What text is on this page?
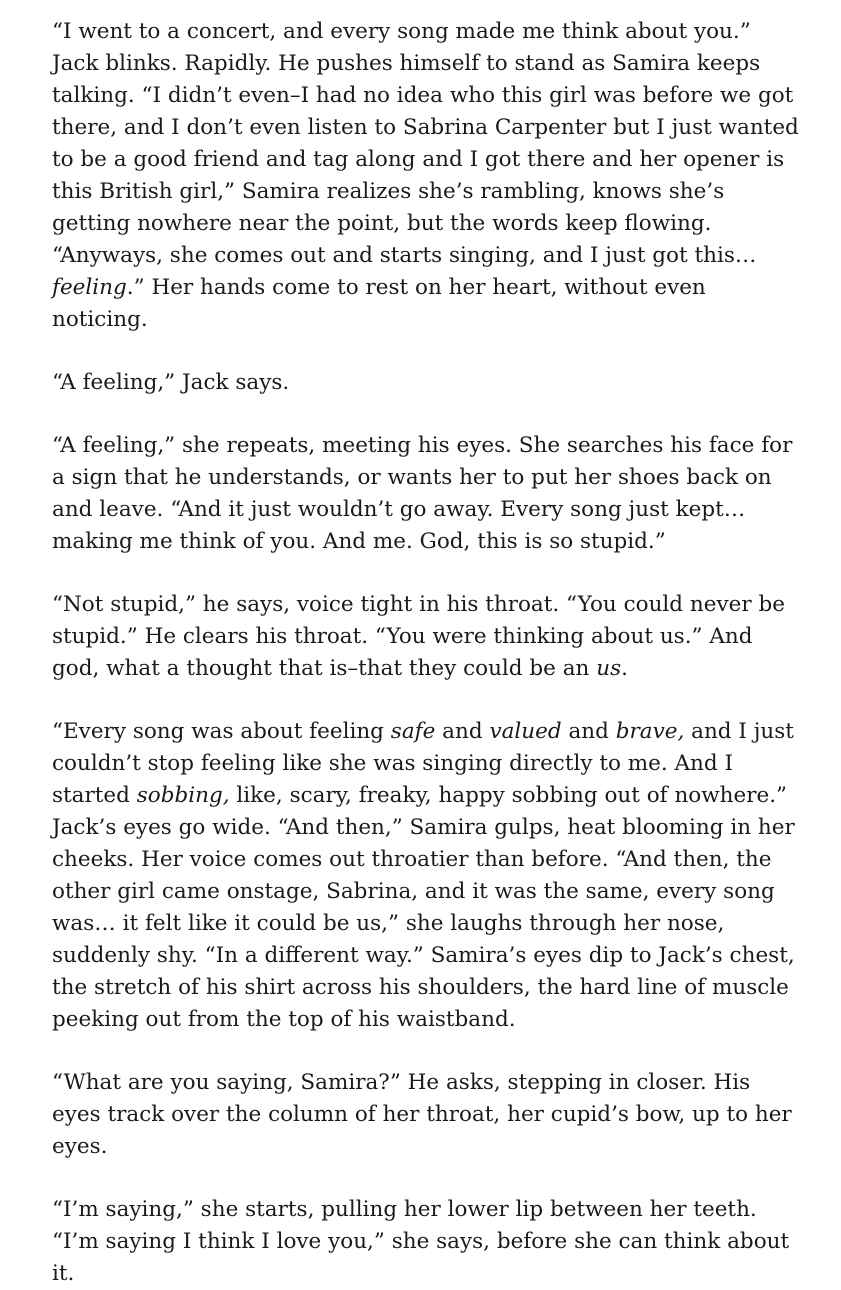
“I went to a concert, and every song made me think about you.” Jack blinks. Rapidly. He pushes himself to stand as Samira keeps talking. “I didn’t even–I had no idea who this girl was before we got there, and I don’t even listen to Sabrina Carpenter but I just wanted to be a good friend and tag along and I got there and her opener is this British girl,” Samira realizes she’s rambling, knows she’s getting nowhere near the point, but the words keep flowing. “Anyways, she comes out and starts singing, and I just got this…feeling.” Her hands come to rest on her heart, without even noticing.

“A feeling,” Jack says.

“A feeling,” she repeats, meeting his eyes. She searches his face for a sign that he understands, or wants her to put her shoes back on and leave. “And it just wouldn’t go away. Every song just kept… making me think of you. And me. God, this is so stupid.”

“Not stupid,” he says, voice tight in his throat. “You could never be stupid.” He clears his throat. “You were thinking about us.” And god, what a thought that is–that they could be an us.

“Every song was about feeling safe and valued and brave, and I just couldn’t stop feeling like she was singing directly to me. And I started sobbing, like, scary, freaky, happy sobbing out of nowhere.” Jack’s eyes go wide. “And then,” Samira gulps, heat blooming in her cheeks. Her voice comes out throatier than before. “And then, the other girl came onstage, Sabrina, and it was the same, every song was… it felt like it could be us,” she laughs through her nose, suddenly shy. “In a different way.” Samira’s eyes dip to Jack’s chest, the stretch of his shirt across his shoulders, the hard line of muscle peeking out from the top of his waistband.

“What are you saying, Samira?” He asks, stepping in closer. His eyes track over the column of her throat, her cupid’s bow, up to her eyes.

“I’m saying,” she starts, pulling her lower lip between her teeth. “I’m saying I think I love you,” she says, before she can think about it.
